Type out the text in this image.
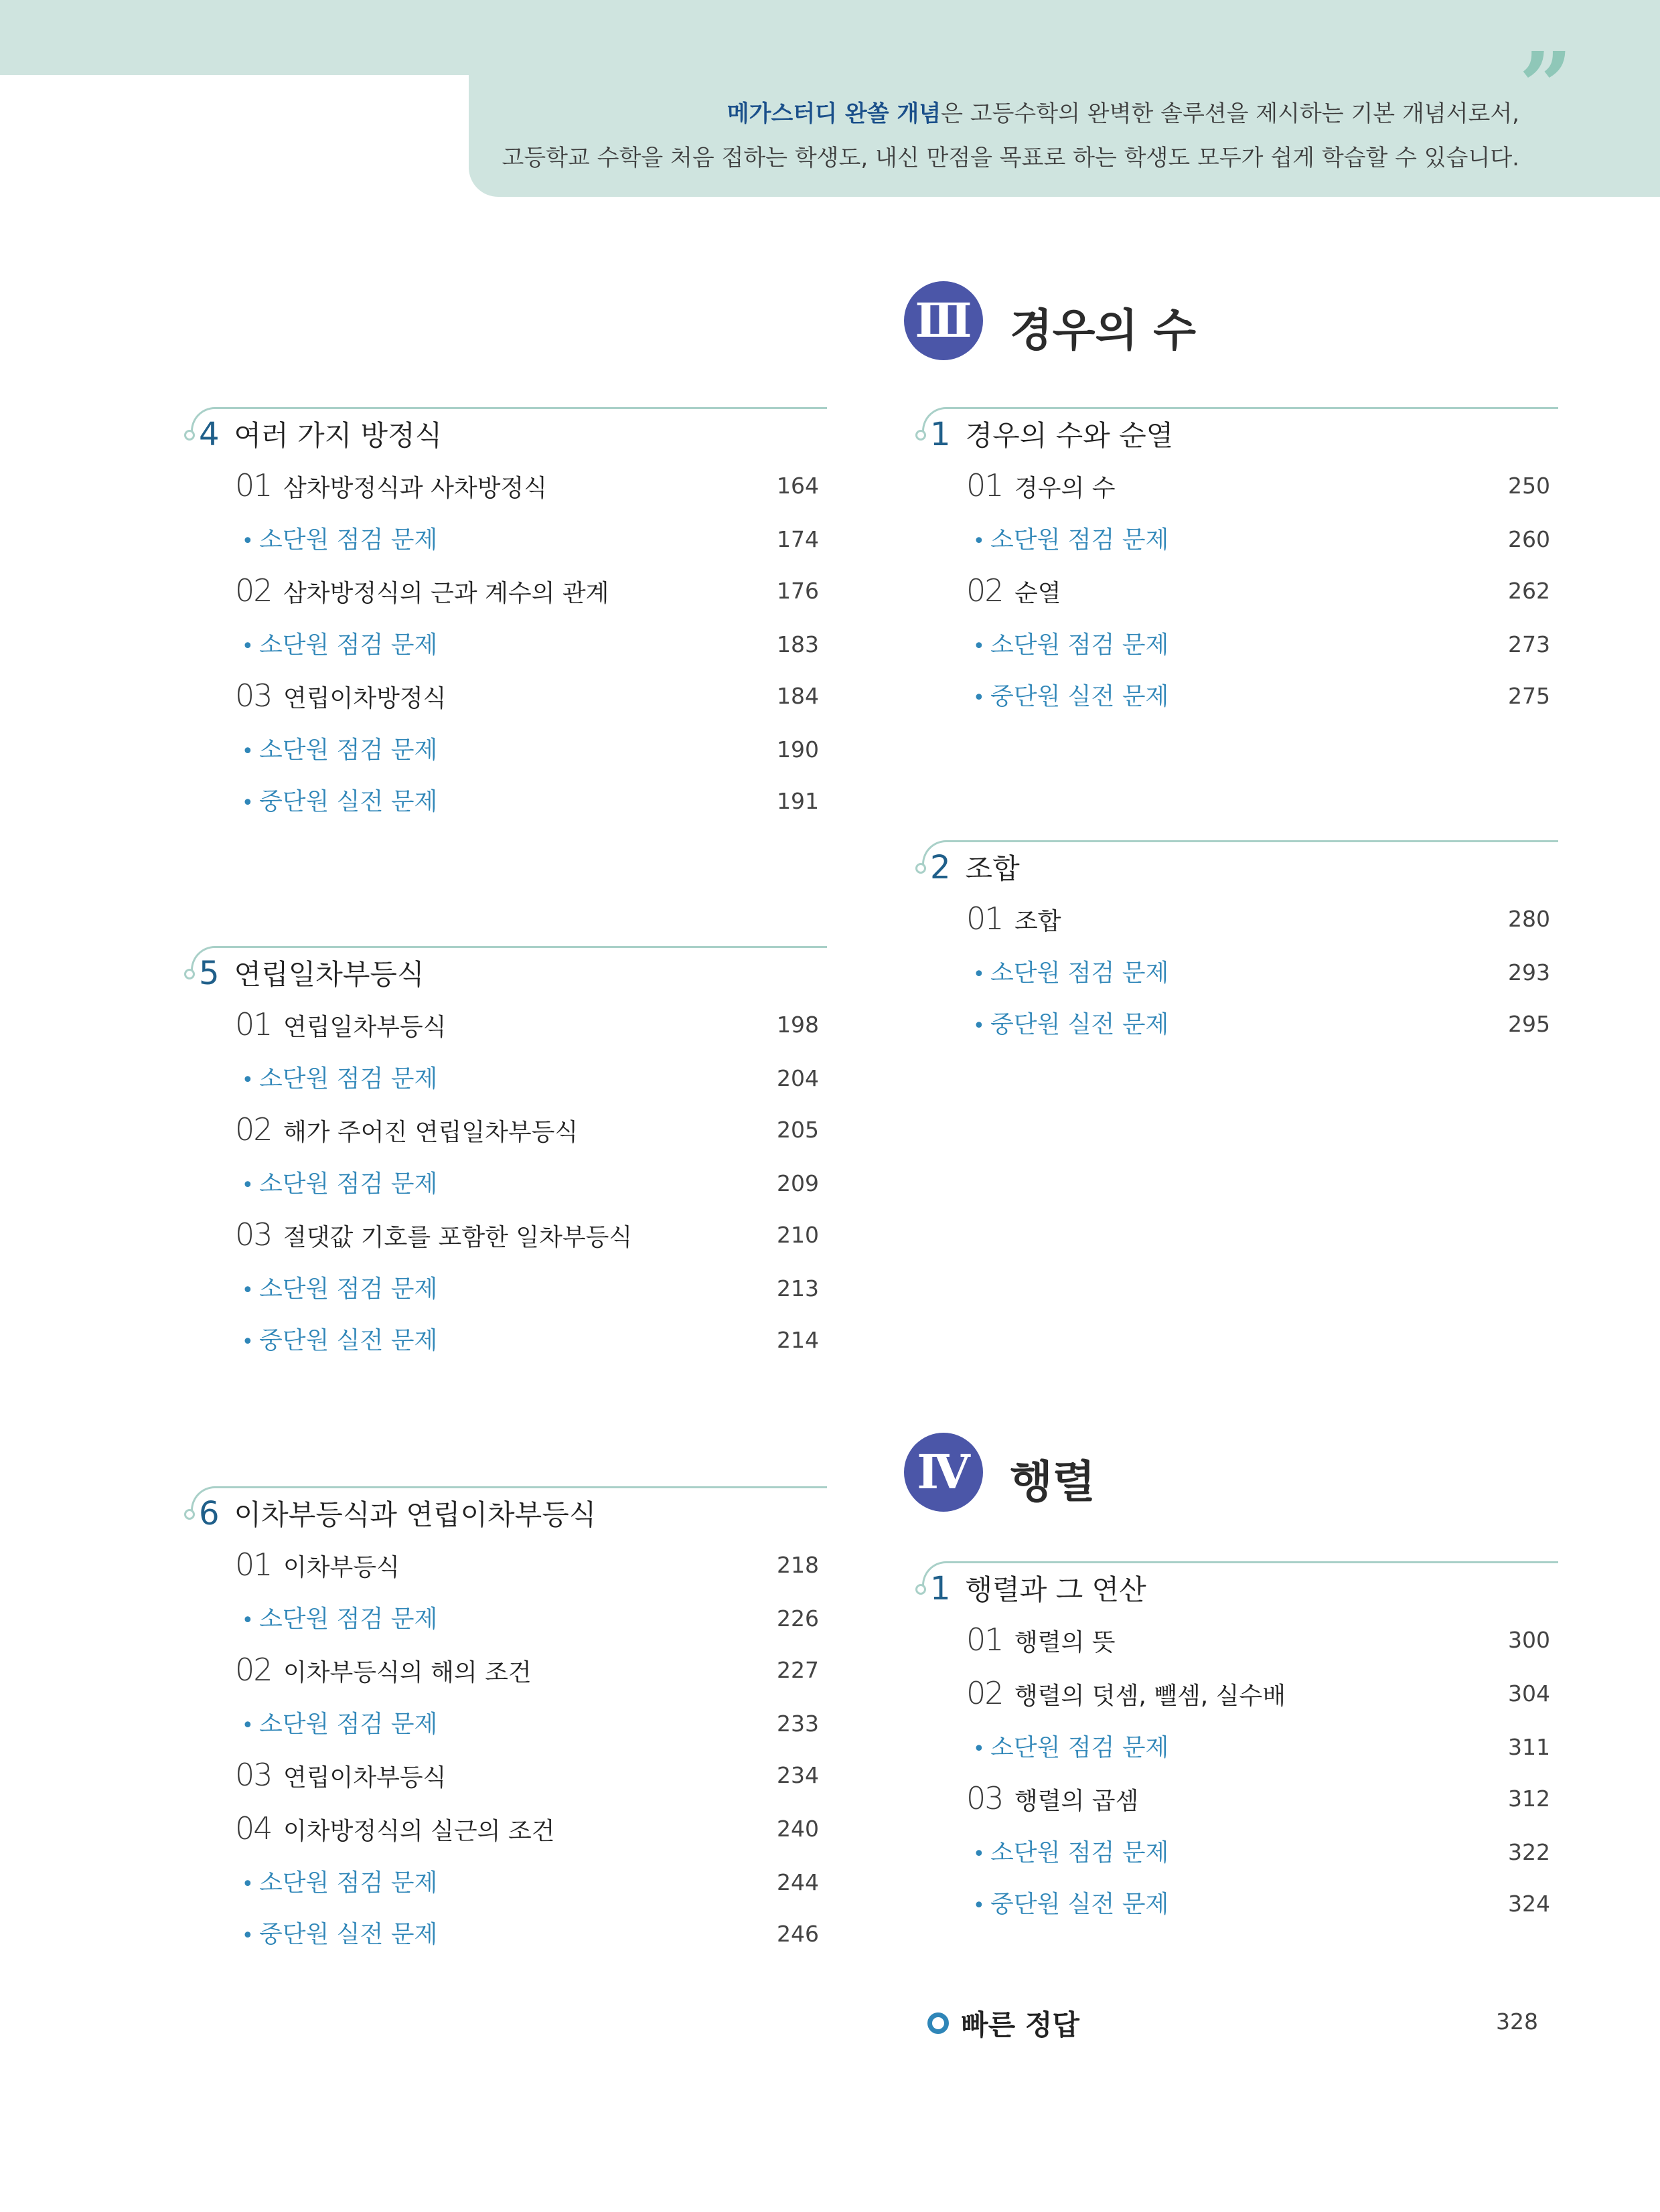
”
메가스터디 완쏠 개념은 고등수학의 완벽한 솔루션을 제시하는 기본 개념서로서,
고등학교 수학을 처음 접하는 학생도, 내신 만점을 목표로 하는 학생도 모두가 쉽게 학습할 수 있습니다.
Ⅲ 경우의 수
Ⅳ 행렬
4 여러 가지 방정식
01 삼차방정식과 사차방정식	164
• 소단원 점검 문제	174
02 삼차방정식의 근과 계수의 관계	176
• 소단원 점검 문제	183
03 연립이차방정식	184
• 소단원 점검 문제	190
• 중단원 실전 문제	191
5 연립일차부등식
01 연립일차부등식	198
• 소단원 점검 문제	204
02 해가 주어진 연립일차부등식	205
• 소단원 점검 문제	209
03 절댓값 기호를 포함한 일차부등식	210
• 소단원 점검 문제	213
• 중단원 실전 문제	214
6 이차부등식과 연립이차부등식
01 이차부등식	218
• 소단원 점검 문제	226
02 이차부등식의 해의 조건	227
• 소단원 점검 문제	233
03 연립이차부등식	234
04 이차방정식의 실근의 조건	240
• 소단원 점검 문제	244
• 중단원 실전 문제	246
1 경우의 수와 순열
01 경우의 수	250
• 소단원 점검 문제	260
02 순열	262
• 소단원 점검 문제	273
• 중단원 실전 문제	275
2 조합
01 조합	280
• 소단원 점검 문제	293
• 중단원 실전 문제	295
1 행렬과 그 연산
01 행렬의 뜻	300
02 행렬의 덧셈, 뺄셈, 실수배	304
• 소단원 점검 문제	311
03 행렬의 곱셈	312
• 소단원 점검 문제	322
• 중단원 실전 문제	324
빠른 정답	328
